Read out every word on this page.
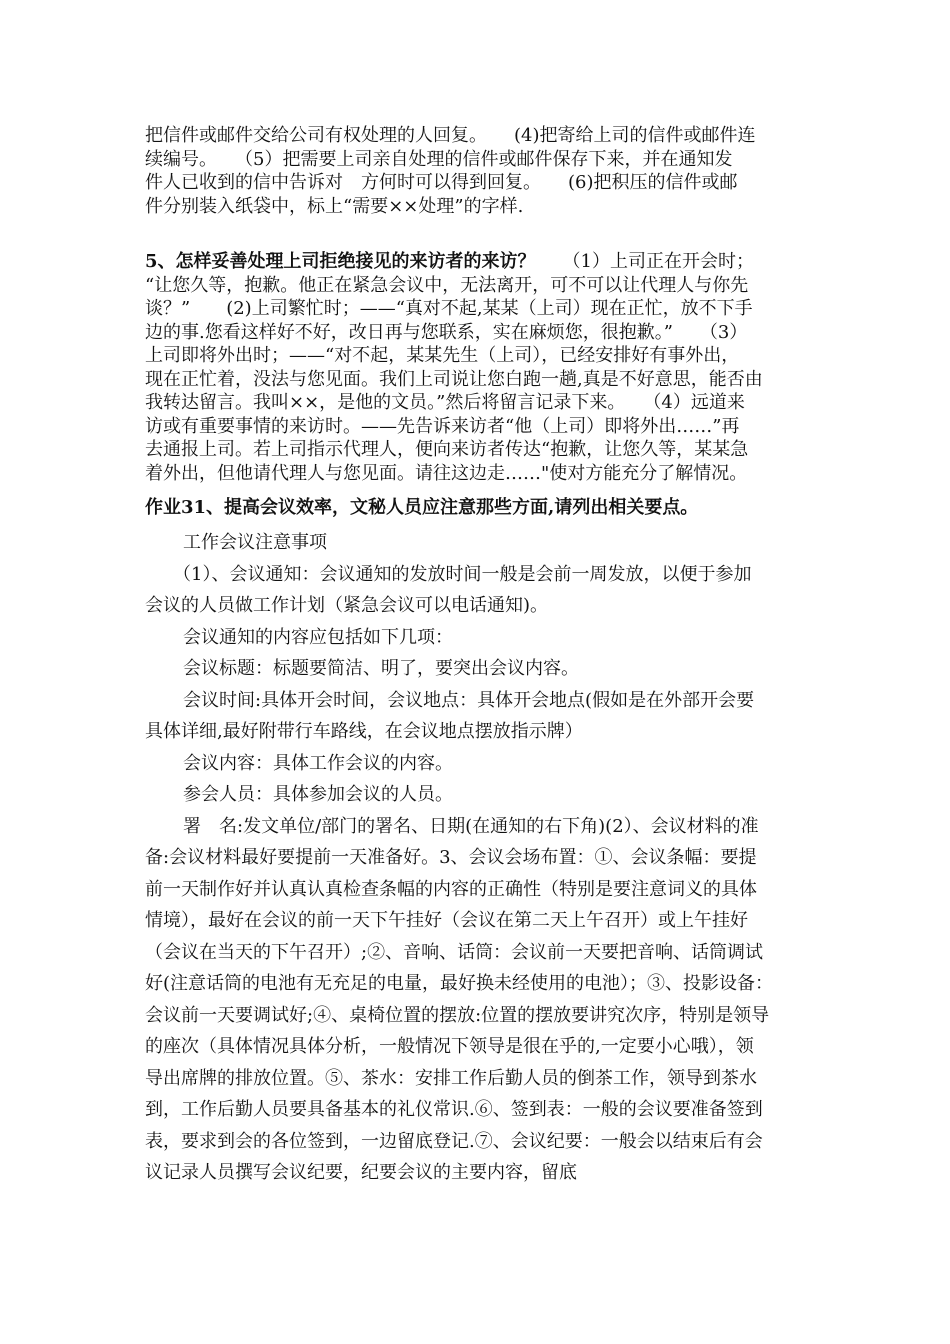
把信件或邮件交给公司有权处理的人回复。　　(4)把寄给上司的信件或邮件连

续编号。　　（5）把需要上司亲自处理的信件或邮件保存下来，并在通知发

件人已收到的信中告诉对　方何时可以得到回复。　　(6)把积压的信件或邮

件分别装入纸袋中，标上“需要××处理”的字样.

5、怎样妥善处理上司拒绝接见的来访者的来访？　　（1）上司正在开会时；

“让您久等，抱歉。他正在紧急会议中，无法离开，可不可以让代理人与你先

谈？”　　(2)上司繁忙时；——“真对不起,某某（上司）现在正忙，放不下手

边的事.您看这样好不好，改日再与您联系，实在麻烦您，很抱歉。”　　（3）

上司即将外出时；——“对不起，某某先生（上司），已经安排好有事外出，

现在正忙着，没法与您见面。我们上司说让您白跑一趟,真是不好意思，能否由

我转达留言。我叫××，是他的文员。”然后将留言记录下来。　　（4）远道来

访或有重要事情的来访时。——先告诉来访者“他（上司）即将外出……”再

去通报上司。若上司指示代理人，便向来访者传达“抱歉，让您久等，某某急

着外出，但他请代理人与您见面。请往这边走……"使对方能充分了解情况。

作业31、提高会议效率，文秘人员应注意那些方面,请列出相关要点。

工作会议注意事项

（1）、会议通知：会议通知的发放时间一般是会前一周发放，以便于参加

会议的人员做工作计划（紧急会议可以电话通知)。

会议通知的内容应包括如下几项：

会议标题：标题要简洁、明了，要突出会议内容。

会议时间:具体开会时间，会议地点：具体开会地点(假如是在外部开会要

具体详细,最好附带行车路线，在会议地点摆放指示牌）

会议内容：具体工作会议的内容。

参会人员：具体参加会议的人员。

署　名:发文单位/部门的署名、日期(在通知的右下角)(2）、会议材料的准

备:会议材料最好要提前一天准备好。3、会议会场布置：①、会议条幅：要提

前一天制作好并认真认真检查条幅的内容的正确性（特别是要注意词义的具体

情境），最好在会议的前一天下午挂好（会议在第二天上午召开）或上午挂好

（会议在当天的下午召开）;②、音响、话筒：会议前一天要把音响、话筒调试

好(注意话筒的电池有无充足的电量，最好换未经使用的电池）；③、投影设备：

会议前一天要调试好;④、桌椅位置的摆放:位置的摆放要讲究次序，特别是领导

的座次（具体情况具体分析，一般情况下领导是很在乎的,一定要小心哦），领

导出席牌的排放位置。⑤、茶水：安排工作后勤人员的倒茶工作，领导到茶水

到，工作后勤人员要具备基本的礼仪常识.⑥、签到表：一般的会议要准备签到

表，要求到会的各位签到，一边留底登记.⑦、会议纪要：一般会以结束后有会

议记录人员撰写会议纪要，纪要会议的主要内容，留底
